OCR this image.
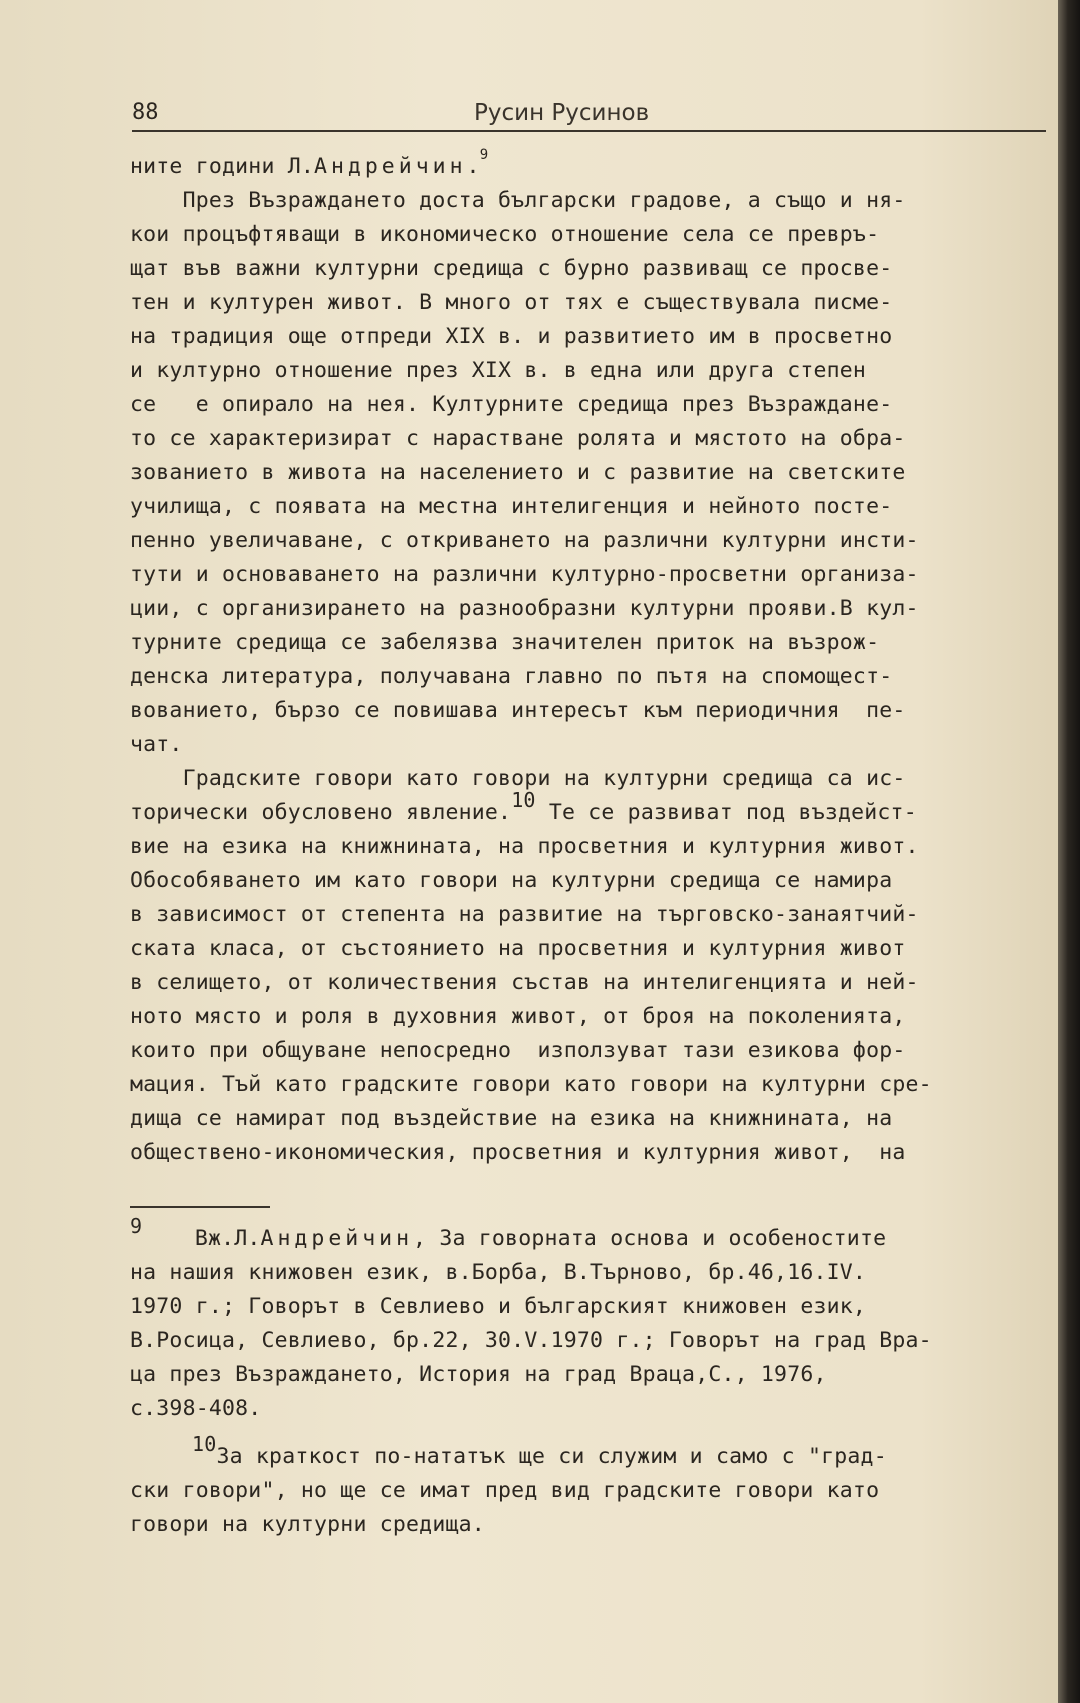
88	Русин Русинов
ните години Л.Андрейчин.$^9$
През Възраждането доста български градове, а също и ня-
кои процъфтяващи в икономическо отношение села се превръ-
щат във важни културни средища с бурно развиващ се просве-
тен и културен живот. В много от тях е съществувала писме-
на традиция още отпреди XIX в. и развитието им в просветно
и културно отношение през XIX в. в една или друга степен
се   е опирало на нея. Културните средища през Възраждане-
то се характеризират с нарастване ролята и мястото на обра-
зованието в живота на населението и с развитие на светските
училища, с появата на местна интелигенция и нейното посте-
пенно увеличаване, с откриването на различни културни инсти-
тути и основаването на различни културно-просветни организа-
ции, с организирането на разнообразни културни прояви.В кул-
турните средища се забелязва значителен приток на възрож-
денска литература, получавана главно по пътя на спомощест-
вованието, бързо се повишава интересът към периодичния  пе-
чат.
Градските говори като говори на културни средища са ис-
торически обусловено явление.10 Те се развиват под въздейст-
вие на езика на книжнината, на просветния и културния живот.
Обособяването им като говори на културни средища се намира
в зависимост от степента на развитие на търговско-занаятчий-
ската класа, от състоянието на просветния и културния живот
в селището, от количествения състав на интелигенцията и ней-
ното място и роля в духовния живот, от броя на поколенията,
които при общуване непосредно  използуват тази езикова фор-
мация. Тъй като градските говори като говори на културни сре-
дища се намират под въздействие на езика на книжнината, на
обществено-икономическия, просветния и културния живот,  на
9    Вж.Л.Андрейчин, За говорната основа и особеностите
на нашия книжовен език, в.Борба, В.Търново, бр.46,16.IV.
1970 г.; Говорът в Севлиево и българският книжовен език,
В.Росица, Севлиево, бр.22, 30.V.1970 г.; Говорът на град Вра-
ца през Възраждането, История на град Враца,С., 1976,
с.398-408.
10За краткост по-нататък ще си служим и само с "град-
ски говори", но ще се имат пред вид градските говори като
говори на културни средища.
